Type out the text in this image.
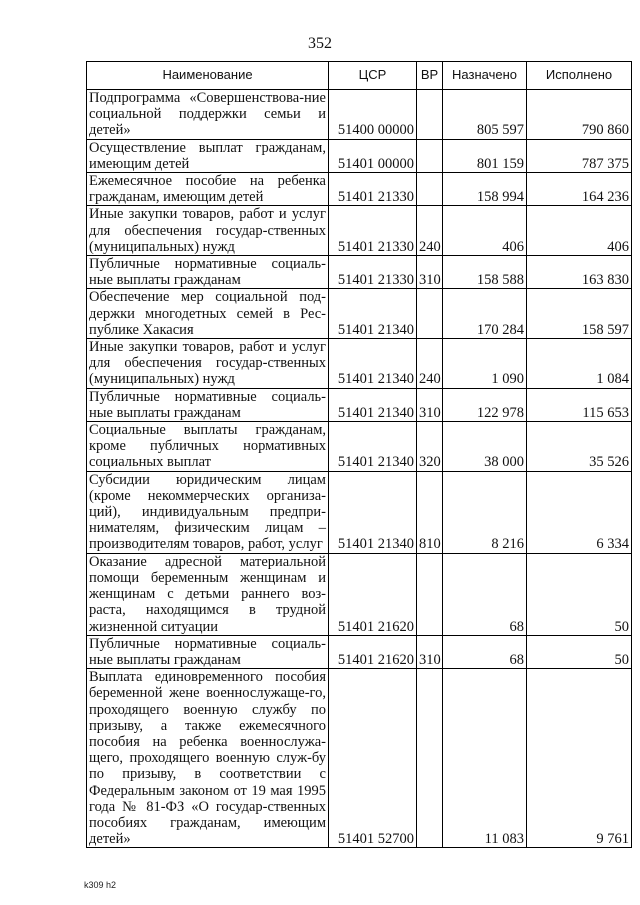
352
Наименование	ЦСР	ВР	Назначено	Исполнено
Подпрограмма «Совершенствова-ние социальной поддержки семьи и детей»	51400 00000		805 597	790 860
Осуществление выплат гражданам, имеющим детей	51401 00000		801 159	787 375
Ежемесячное пособие на ребенка гражданам, имеющим детей	51401 21330		158 994	164 236
Иные закупки товаров, работ и услуг для обеспечения государ-ственных (муниципальных) нужд	51401 21330	240	406	406
Публичные нормативные социаль-ные выплаты гражданам	51401 21330	310	158 588	163 830
Обеспечение мер социальной под-держки многодетных семей в Рес-публике Хакасия	51401 21340		170 284	158 597
Иные закупки товаров, работ и услуг для обеспечения государ-ственных (муниципальных) нужд	51401 21340	240	1 090	1 084
Публичные нормативные социаль-ные выплаты гражданам	51401 21340	310	122 978	115 653
Социальные выплаты гражданам, кроме публичных нормативных социальных выплат	51401 21340	320	38 000	35 526
Субсидии юридическим лицам (кроме некоммерческих организа-ций), индивидуальным предпри-нимателям, физическим лицам – производителям товаров, работ, услуг	51401 21340	810	8 216	6 334
Оказание адресной материальной помощи беременным женщинам и женщинам с детьми раннего воз-раста, находящимся в трудной жизненной ситуации	51401 21620		68	50
Публичные нормативные социаль-ные выплаты гражданам	51401 21620	310	68	50
Выплата единовременного пособия беременной жене военнослужаще-го, проходящего военную службу по призыву, а также ежемесячного пособия на ребенка военнослужа-щего, проходящего военную служ-бу по призыву, в соответствии с Федеральным законом от 19 мая 1995 года № 81-ФЗ «О государ-ственных пособиях гражданам, имеющим детей»	51401 52700		11 083	9 761
k309 h2
